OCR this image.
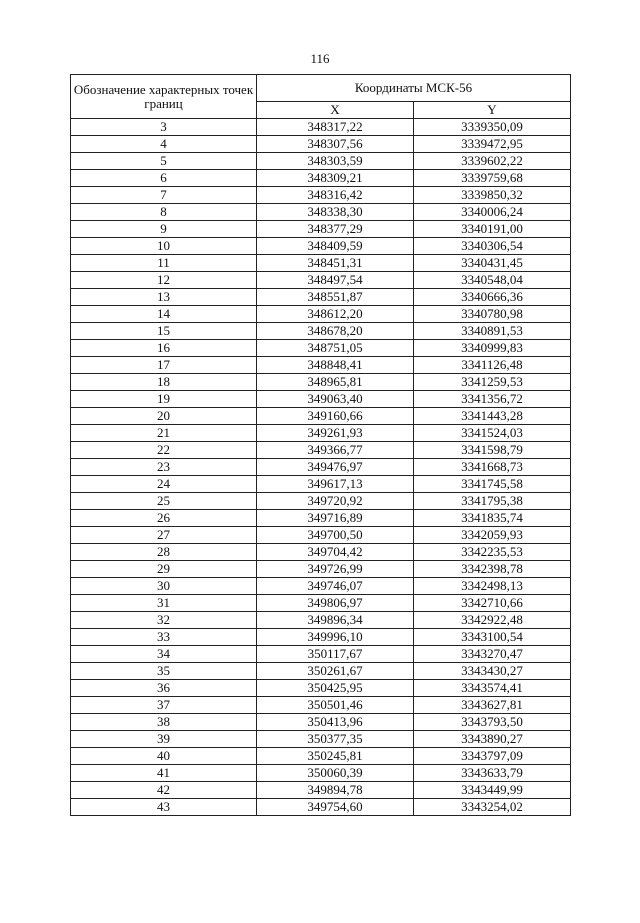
116
Обозначение характерных точек границ	Координаты МСК-56	
	X	Y
3	348317,22	3339350,09
4	348307,56	3339472,95
5	348303,59	3339602,22
6	348309,21	3339759,68
7	348316,42	3339850,32
8	348338,30	3340006,24
9	348377,29	3340191,00
10	348409,59	3340306,54
11	348451,31	3340431,45
12	348497,54	3340548,04
13	348551,87	3340666,36
14	348612,20	3340780,98
15	348678,20	3340891,53
16	348751,05	3340999,83
17	348848,41	3341126,48
18	348965,81	3341259,53
19	349063,40	3341356,72
20	349160,66	3341443,28
21	349261,93	3341524,03
22	349366,77	3341598,79
23	349476,97	3341668,73
24	349617,13	3341745,58
25	349720,92	3341795,38
26	349716,89	3341835,74
27	349700,50	3342059,93
28	349704,42	3342235,53
29	349726,99	3342398,78
30	349746,07	3342498,13
31	349806,97	3342710,66
32	349896,34	3342922,48
33	349996,10	3343100,54
34	350117,67	3343270,47
35	350261,67	3343430,27
36	350425,95	3343574,41
37	350501,46	3343627,81
38	350413,96	3343793,50
39	350377,35	3343890,27
40	350245,81	3343797,09
41	350060,39	3343633,79
42	349894,78	3343449,99
43	349754,60	3343254,02
